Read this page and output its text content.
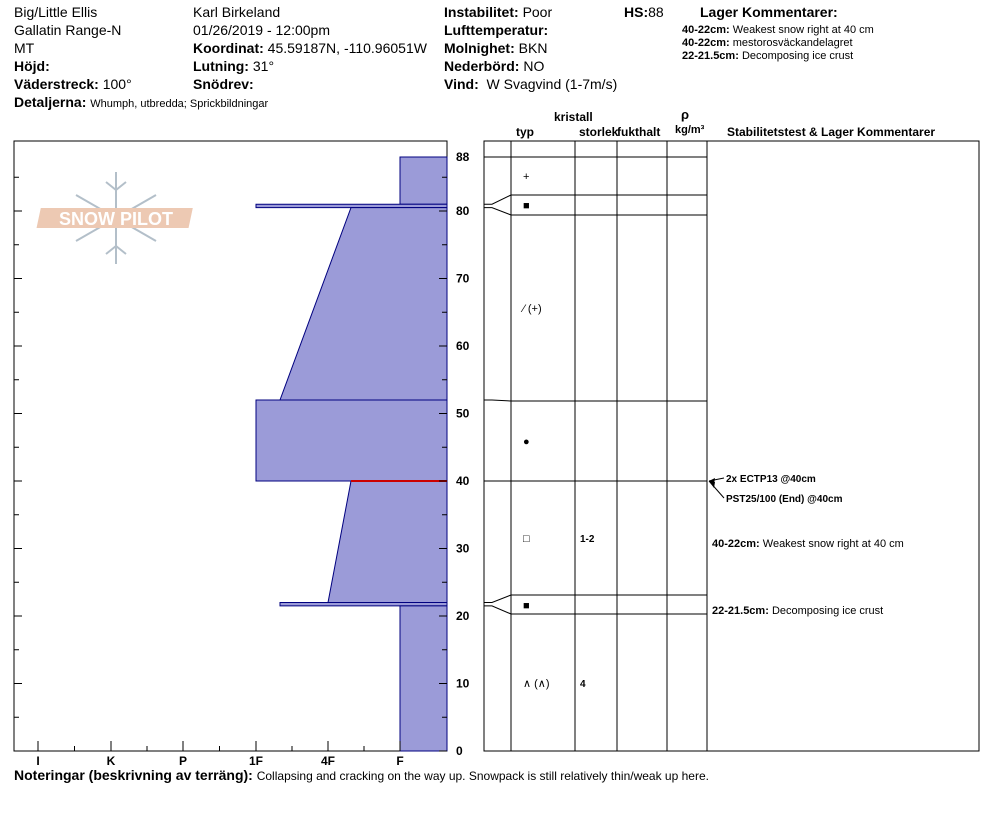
Big/Little Ellis
Gallatin Range-N
MT
Höjd:
Väderstreck: 100°
Detaljerna: Whumph, utbredda; Sprickbildningar
Karl Birkeland
01/26/2019 - 12:00pm
Koordinat: 45.59187N, -110.96051W
Lutning: 31°
Snödrev:
Instabilitet: Poor
Lufttemperatur:
Molnighet: BKN
Nederbörd: NO
Vind: W Svagvind (1-7m/s)
HS:88	Lager Kommentarer:
40-22cm: Weakest snow right at 40 cm
40-22cm: mestorosväckandelagret
22-21.5cm: Decomposing ice crust
kristall
typ	storlek
fukthalt
ρ
kg/m³ Stabilitetstest & Lager Kommentarer
Noteringar (beskrivning av terräng): Collapsing and cracking on the way up. Snowpack is still relatively thin/weak up here.
SNOW PILOT
I	K	P	1F	4F	F
0
10
20
30
40
50
60
70
80
88
+
■
⁄ (+)
●
□	1-2
■
∧ (∧)	4
2x ECTP13 @40cm
PST25/100 (End) @40cm
40-22cm: Weakest snow right at 40 cm
22-21.5cm: Decomposing ice crust
